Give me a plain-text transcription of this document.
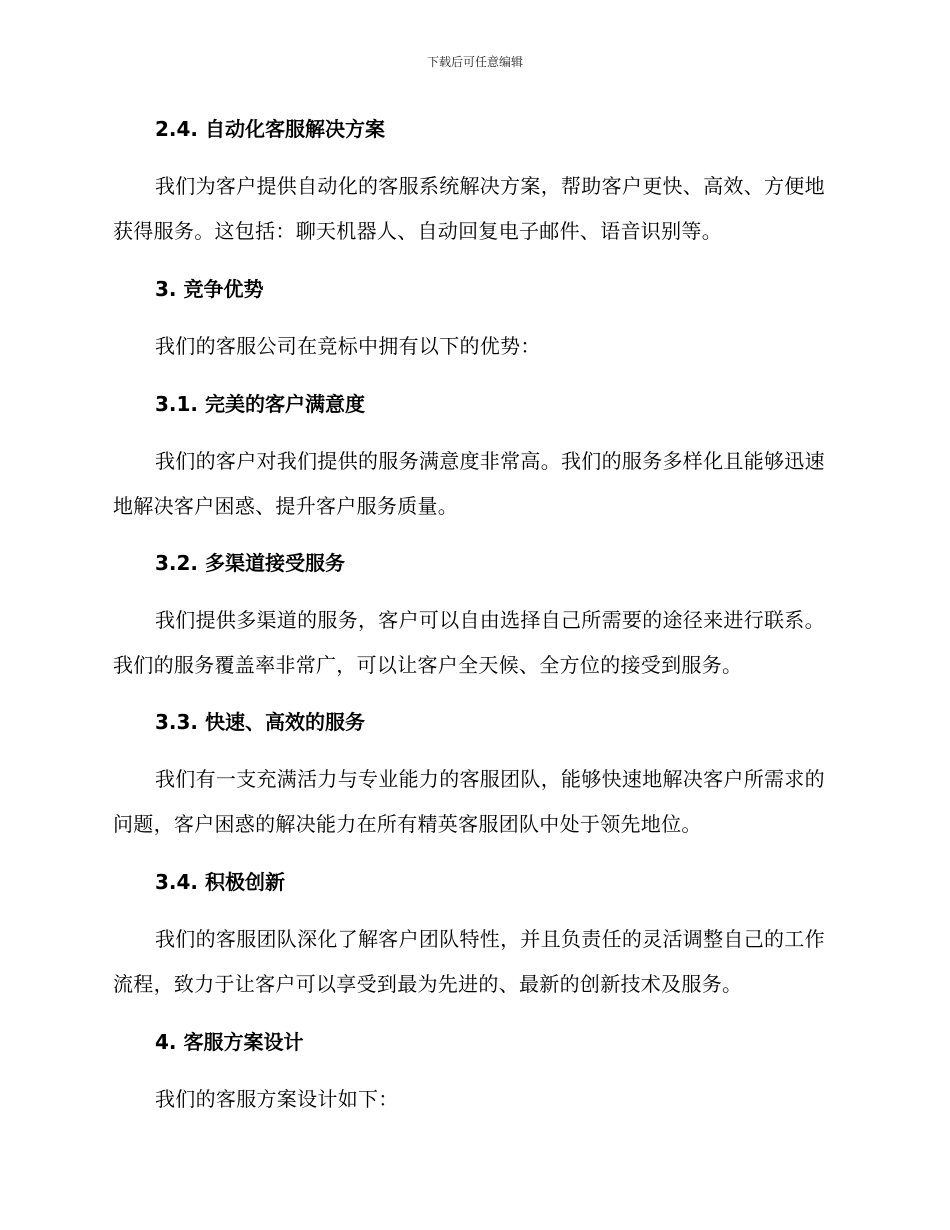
下载后可任意编辑
2.4. 自动化客服解决方案
我们为客户提供自动化的客服系统解决方案，帮助客户更快、高效、方便地获得服务。这包括：聊天机器人、自动回复电子邮件、语音识别等。
3. 竞争优势
我们的客服公司在竞标中拥有以下的优势：
3.1. 完美的客户满意度
我们的客户对我们提供的服务满意度非常高。我们的服务多样化且能够迅速地解决客户困惑、提升客户服务质量。
3.2. 多渠道接受服务
我们提供多渠道的服务，客户可以自由选择自己所需要的途径来进行联系。我们的服务覆盖率非常广，可以让客户全天候、全方位的接受到服务。
3.3. 快速、高效的服务
我们有一支充满活力与专业能力的客服团队，能够快速地解决客户所需求的问题，客户困惑的解决能力在所有精英客服团队中处于领先地位。
3.4. 积极创新
我们的客服团队深化了解客户团队特性，并且负责任的灵活调整自己的工作流程，致力于让客户可以享受到最为先进的、最新的创新技术及服务。
4. 客服方案设计
我们的客服方案设计如下：
